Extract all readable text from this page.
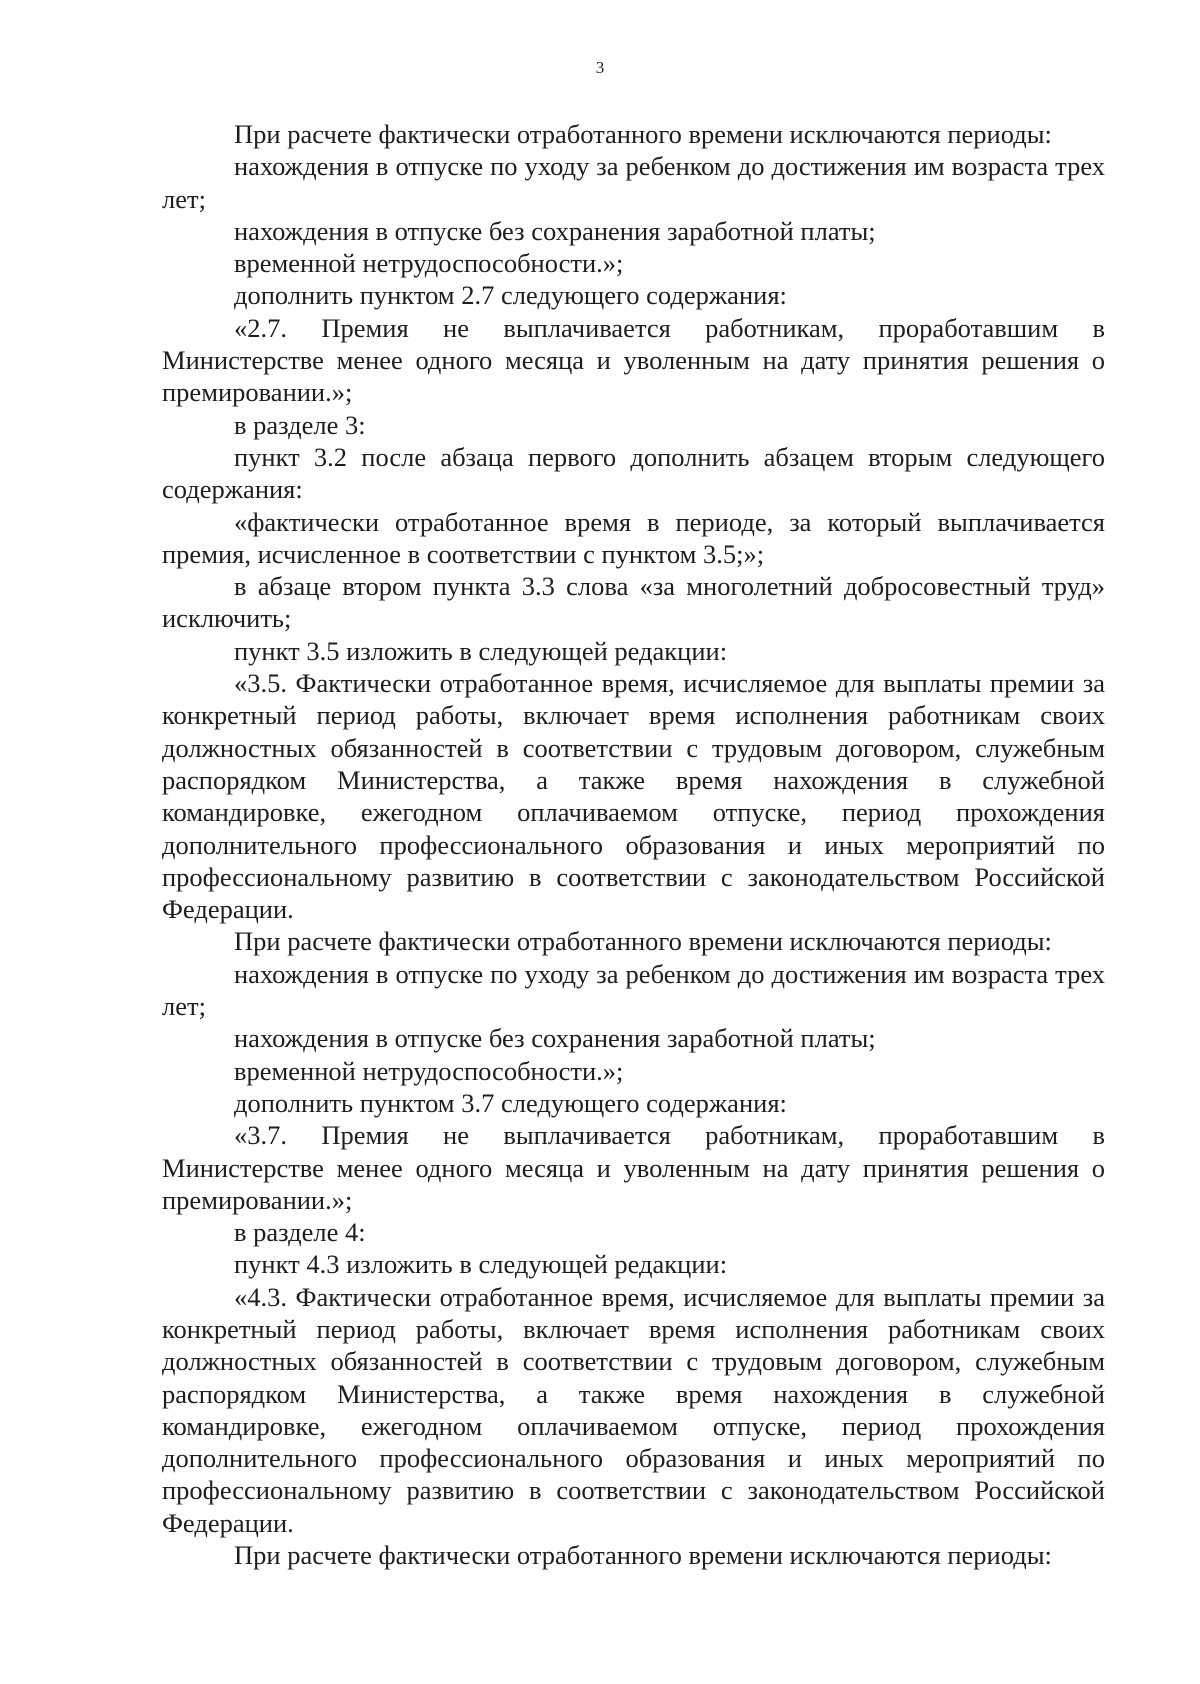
3

При расчете фактически отработанного времени исключаются периоды:

нахождения в отпуске по уходу за ребенком до достижения им возраста трех лет;

нахождения в отпуске без сохранения заработной платы;

временной нетрудоспособности.»;

дополнить пунктом 2.7 следующего содержания:

«2.7. Премия не выплачивается работникам, проработавшим в Министерстве менее одного месяца и уволенным на дату принятия решения о премировании.»;

в разделе 3:

пункт 3.2 после абзаца первого дополнить абзацем вторым следующего содержания:

«фактически отработанное время в периоде, за который выплачивается премия, исчисленное в соответствии с пунктом 3.5;»;

в абзаце втором пункта 3.3 слова «за многолетний добросовестный труд» исключить;

пункт 3.5 изложить в следующей редакции:

«3.5. Фактически отработанное время, исчисляемое для выплаты премии за конкретный период работы, включает время исполнения работникам своих должностных обязанностей в соответствии с трудовым договором, служебным распорядком Министерства, а также время нахождения в служебной командировке, ежегодном оплачиваемом отпуске, период прохождения дополнительного профессионального образования и иных мероприятий по профессиональному развитию в соответствии с законодательством Российской Федерации.

При расчете фактически отработанного времени исключаются периоды:

нахождения в отпуске по уходу за ребенком до достижения им возраста трех лет;

нахождения в отпуске без сохранения заработной платы;

временной нетрудоспособности.»;

дополнить пунктом 3.7 следующего содержания:

«3.7. Премия не выплачивается работникам, проработавшим в Министерстве менее одного месяца и уволенным на дату принятия решения о премировании.»;

в разделе 4:

пункт 4.3 изложить в следующей редакции:

«4.3. Фактически отработанное время, исчисляемое для выплаты премии за конкретный период работы, включает время исполнения работникам своих должностных обязанностей в соответствии с трудовым договором, служебным распорядком Министерства, а также время нахождения в служебной командировке, ежегодном оплачиваемом отпуске, период прохождения дополнительного профессионального образования и иных мероприятий по профессиональному развитию в соответствии с законодательством Российской Федерации.

При расчете фактически отработанного времени исключаются периоды:
